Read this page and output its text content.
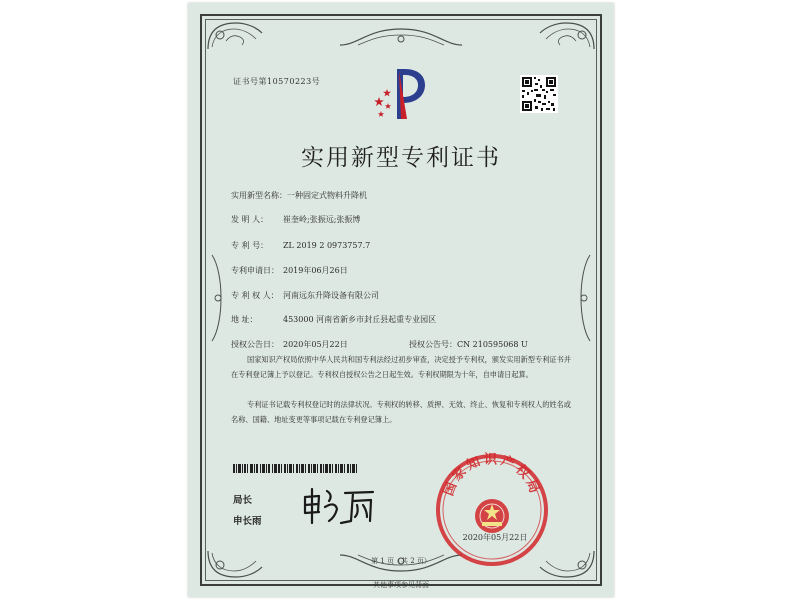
证书号第10570223号
实用新型专利证书
实用新型名称：一种固定式物料升降机
发 明 人： 崔奎岭;张振远;张振博
专 利 号： ZL 2019 2 0973757.7
专利申请日： 2019年06月26日
专 利 权 人： 河南远东升降设备有限公司
地 址：	453000 河南省新乡市封丘县起重专业园区
授权公告日： 2020年05月22日	授权公告号：CN 210595068 U
国家知识产权局依照中华人民共和国专利法经过初步审查，决定授予专利权，颁发实用新型专利证书并在专利登记簿上予以登记。专利权自授权公告之日起生效。专利权期限为十年，自申请日起算。
专利证书记载专利权登记时的法律状况。专利权的转移、质押、无效、终止、恢复和专利权人的姓名或名称、国籍、地址变更等事项记载在专利登记簿上。
局长
申长雨
国家知识产权局
2020年05月22日
第 1 页（共 2 页）
其他事项参见背面
